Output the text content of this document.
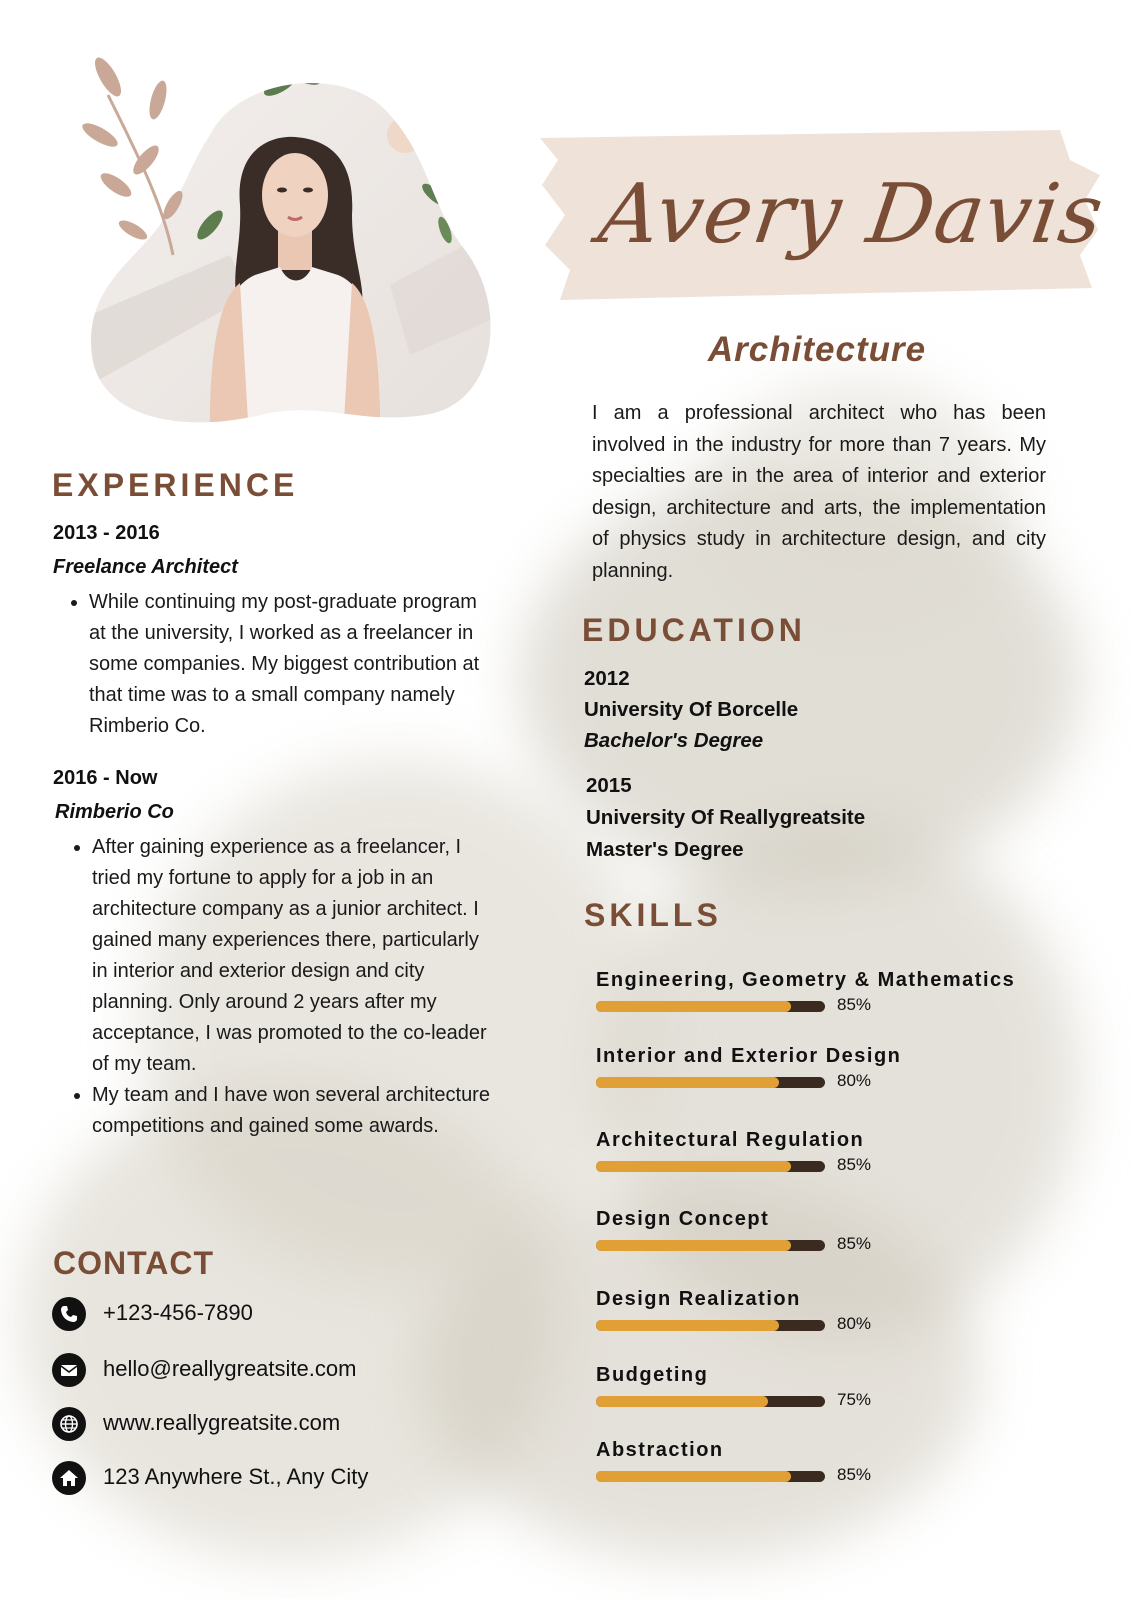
Avery Davis
Architecture
I am a professional architect who has been involved in the industry for more than 7 years. My specialties are in the area of interior and exterior design, architecture and arts, the implementation of physics study in architecture design, and city planning.
EXPERIENCE
2013 - 2016
Freelance Architect
• While continuing my post-graduate program at the university, I worked as a freelancer in some companies. My biggest contribution at that time was to a small company namely Rimberio Co.
2016 - Now
Rimberio Co
• After gaining experience as a freelancer, I tried my fortune to apply for a job in an architecture company as a junior architect. I gained many experiences there, particularly in interior and exterior design and city planning. Only around 2 years after my acceptance, I was promoted to the co-leader of my team.
• My team and I have won several architecture competitions and gained some awards.
EDUCATION
2012
University Of Borcelle
Bachelor's Degree
2015
University Of Reallygreatsite
Master's Degree
SKILLS
Engineering, Geometry & Mathematics
85%
Interior and Exterior Design
80%
Architectural Regulation
85%
Design Concept
85%
Design Realization
80%
Budgeting
75%
Abstraction
85%
CONTACT
+123-456-7890
hello@reallygreatsite.com
www.reallygreatsite.com
123 Anywhere St., Any City
